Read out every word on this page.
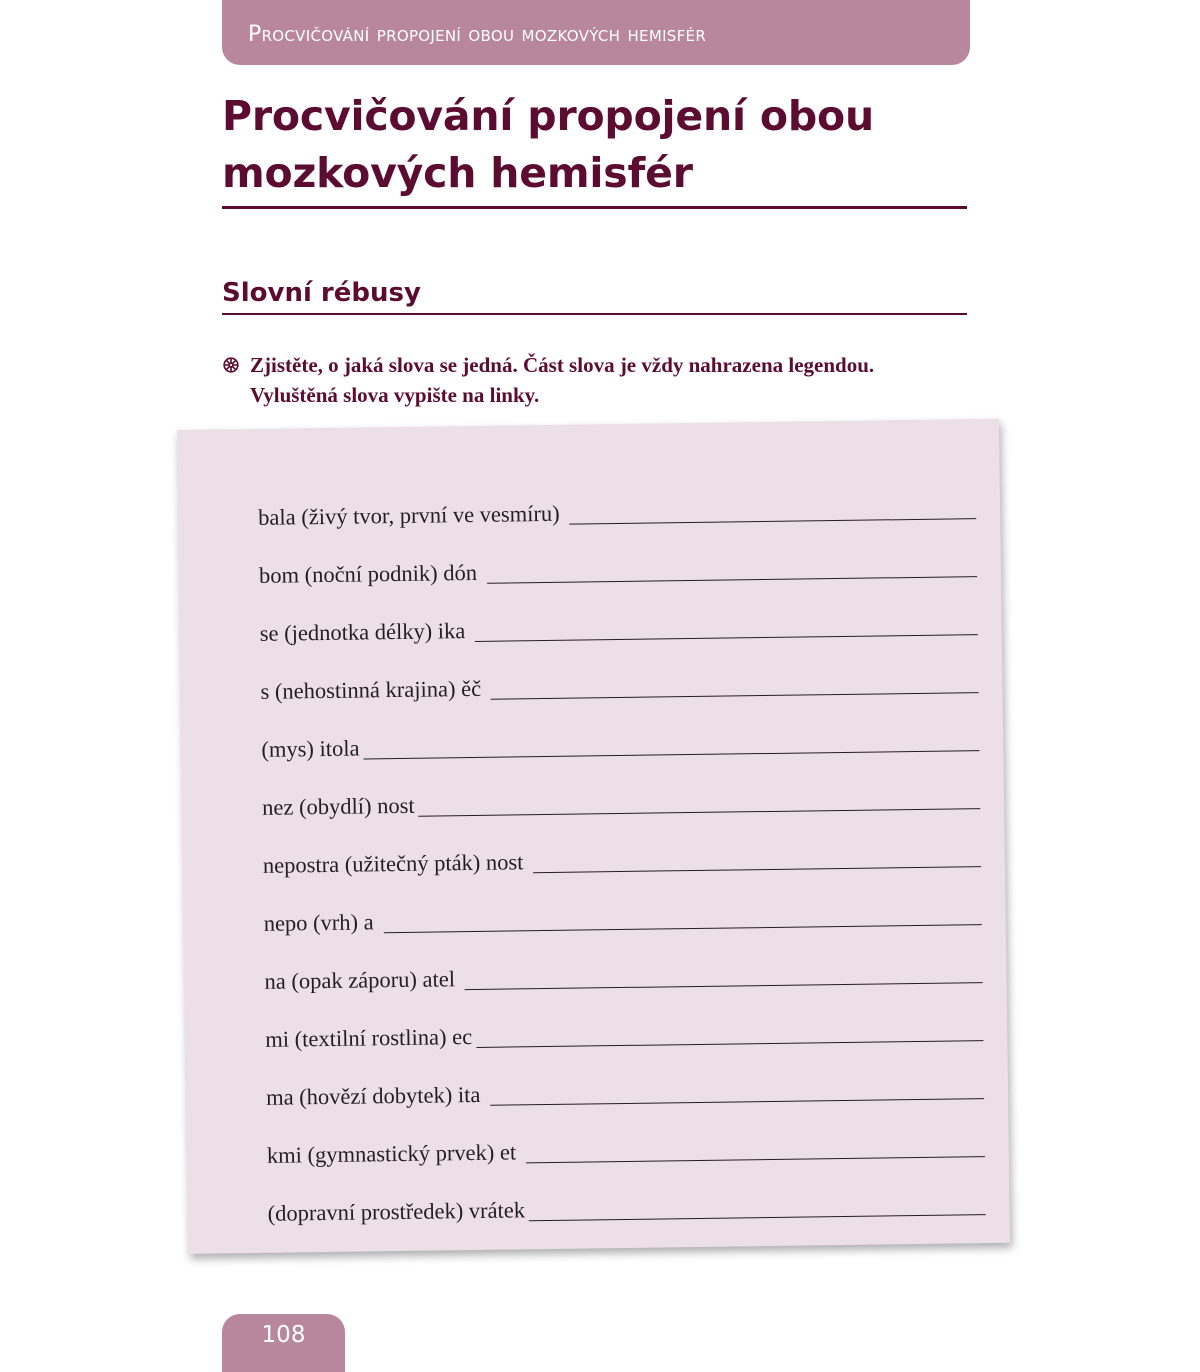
Procvičování propojení obou mozkových hemisfér
Procvičování propojení obou mozkových hemisfér
Slovní rébusy
Zjistěte, o jaká slova se jedná. Část slova je vždy nahrazena legendou. Vyluštěná slova vypište na linky.
bala (živý tvor, první ve vesmíru)
bom (noční podnik) dón
se (jednotka délky) ika
s (nehostinná krajina) ěč
(mys) itola
nez (obydlí) nost
nepostra (užitečný pták) nost
nepo (vrh) a
na (opak záporu) atel
mi (textilní rostlina) ec
ma (hovězí dobytek) ita
kmi (gymnastický prvek) et
(dopravní prostředek) vrátek
108
